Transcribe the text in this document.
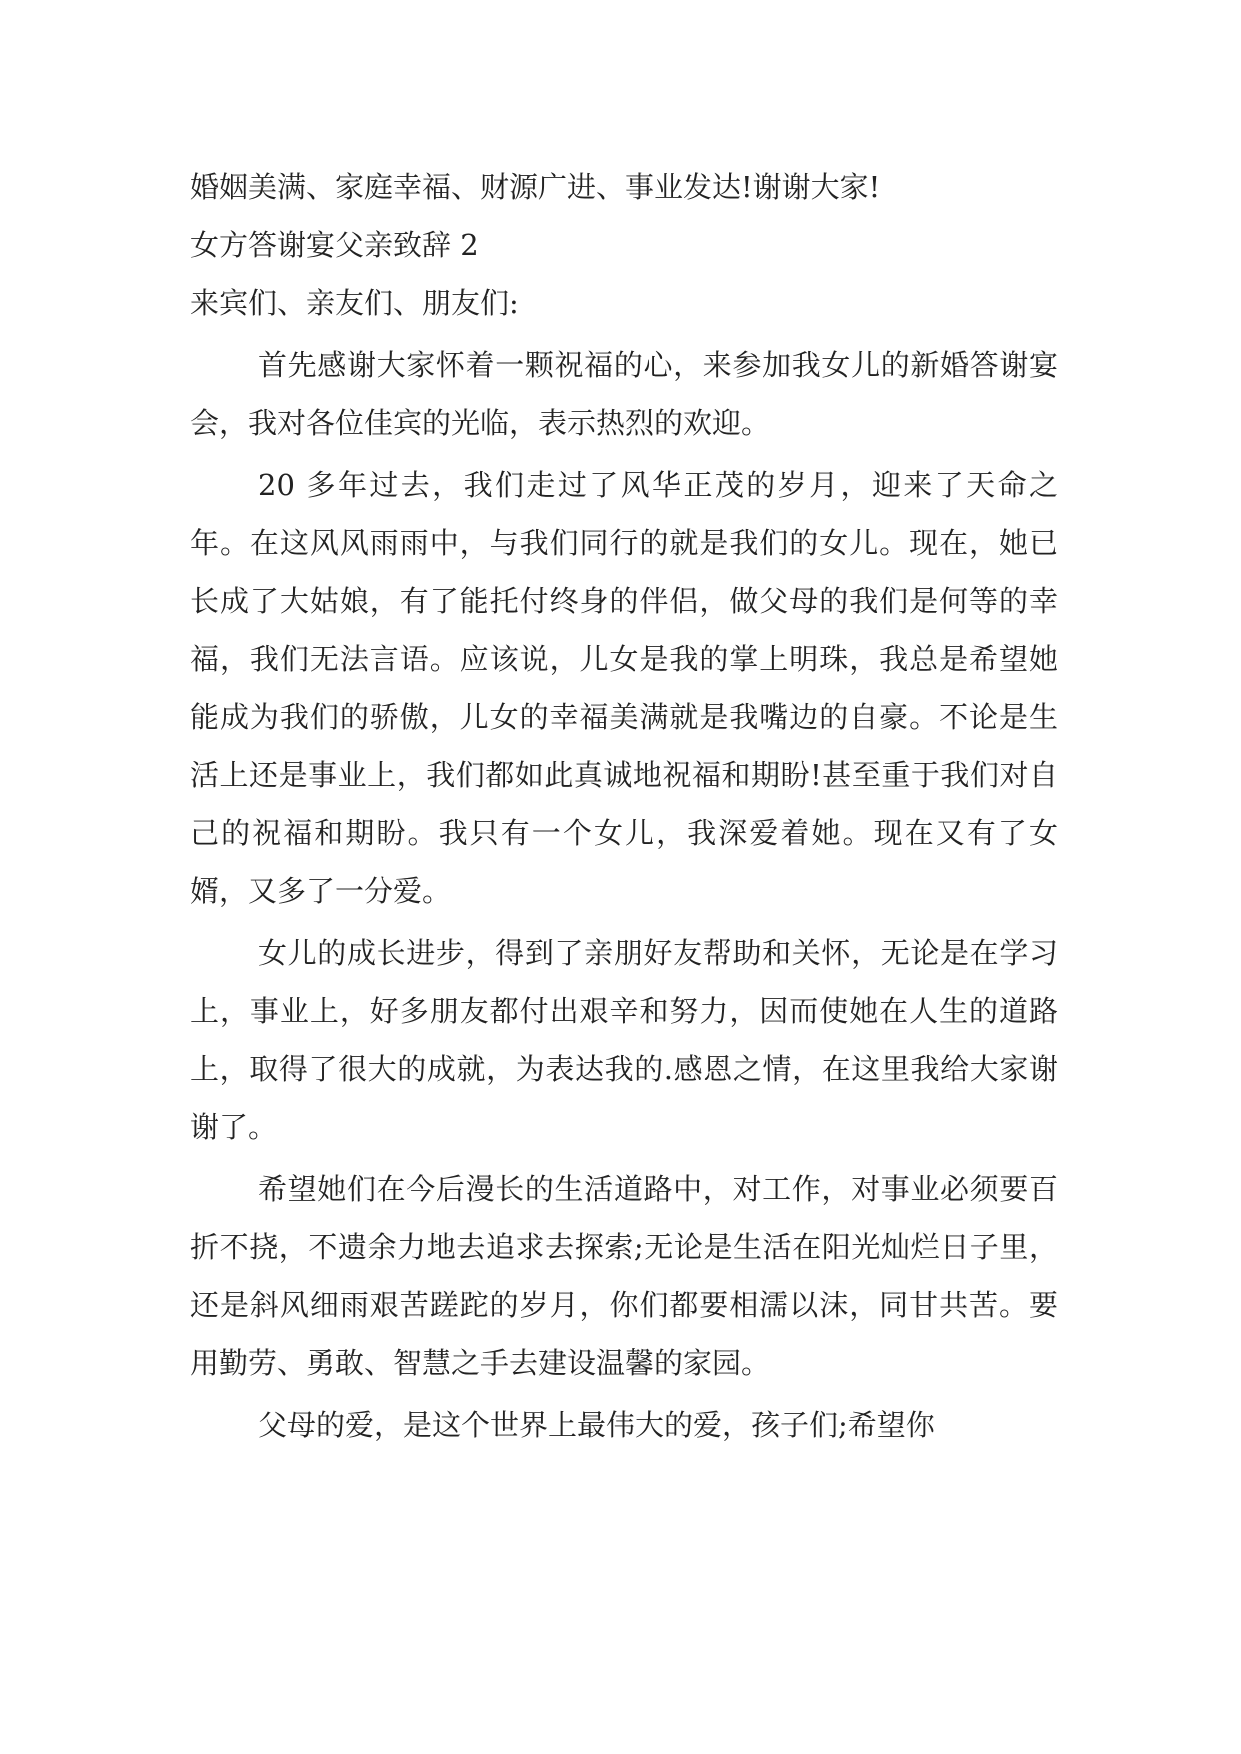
婚姻美满、家庭幸福、财源广进、事业发达!谢谢大家!

女方答谢宴父亲致辞 2

来宾们、亲友们、朋友们:

首先感谢大家怀着一颗祝福的心，来参加我女儿的新婚答谢宴会，我对各位佳宾的光临，表示热烈的欢迎。

20 多年过去，我们走过了风华正茂的岁月，迎来了天命之年。在这风风雨雨中，与我们同行的就是我们的女儿。现在，她已长成了大姑娘，有了能托付终身的伴侣，做父母的我们是何等的幸福，我们无法言语。应该说，儿女是我的掌上明珠，我总是希望她能成为我们的骄傲，儿女的幸福美满就是我嘴边的自豪。不论是生活上还是事业上，我们都如此真诚地祝福和期盼!甚至重于我们对自己的祝福和期盼。我只有一个女儿，我深爱着她。现在又有了女婿，又多了一分爱。

女儿的成长进步，得到了亲朋好友帮助和关怀，无论是在学习上，事业上，好多朋友都付出艰辛和努力，因而使她在人生的道路上，取得了很大的成就，为表达我的.感恩之情，在这里我给大家谢谢了。

希望她们在今后漫长的生活道路中，对工作，对事业必须要百折不挠，不遗余力地去追求去探索;无论是生活在阳光灿烂日子里，还是斜风细雨艰苦蹉跎的岁月，你们都要相濡以沫，同甘共苦。要用勤劳、勇敢、智慧之手去建设温馨的家园。

父母的爱，是这个世界上最伟大的爱，孩子们;希望你
